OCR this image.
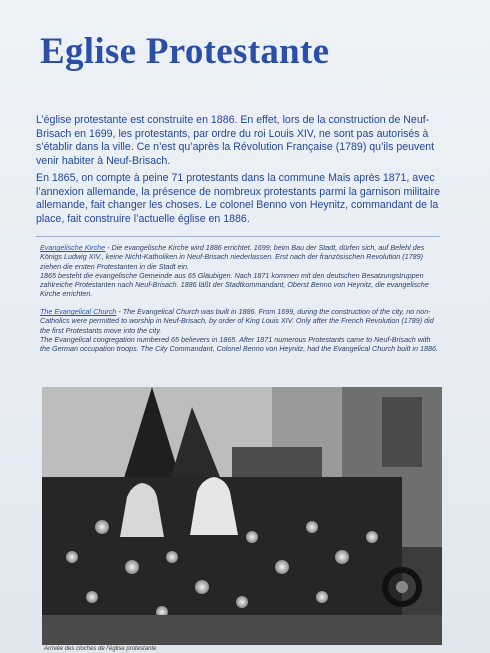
Eglise Protestante
L’église protestante est construite en 1886. En effet, lors de la construction de Neuf-Brisach en 1699, les protestants, par ordre du roi Louis XIV, ne sont pas autorisés à s’établir dans la ville. Ce n’est qu’après la Révolution Française (1789) qu’ils peuvent venir habiter à Neuf-Brisach.
En 1865, on compte à peine 71 protestants dans la commune Mais après 1871, avec l’annexion allemande, la présence de nombreux protestants parmi la garnison militaire allemande, fait changer les choses. Le colonel Benno von Heynitz, commandant de la place, fait construire l’actuelle église en 1886.
Evangelische Kirche - Die evangelische Kirche wird 1886 errichtet. 1699, beim Bau der Stadt, dürfen sich, auf Befehl des Königs Ludwig XIV., keine Nicht-Katholiken in Neuf-Brisach niederlassen. Erst nach der französischen Revolution (1789) ziehen die ersten Protestanten in die Stadt ein.
1865 besteht die evangelische Gemeinde aus 65 Gläubigen. Nach 1871 kommen mit den deutschen Besatzungstruppen zahlreiche Protestanten nach Neuf-Brisach. 1886 läßt der Stadtkommandant, Oberst Benno von Heynitz, die evangelische Kirche errichten.
The Evangelical Church - The Evangelical Church was built in 1886. From 1699, during the construction of the city, no non-Catholics were permitted to worship in Neuf-Brisach, by order of King Louis XIV. Only after the French Revolution (1789) did the first Protestants move into the city.
The Evangelical congregation numbered 65 believers in 1865. After 1871 numerous Protestants came to Neuf-Brisach with the German occupation troops. The City Commandant, Colonel Benno von Heynitz, had the Evangelical Church built in 1886.
Arrivée des cloches de l’église protestante
